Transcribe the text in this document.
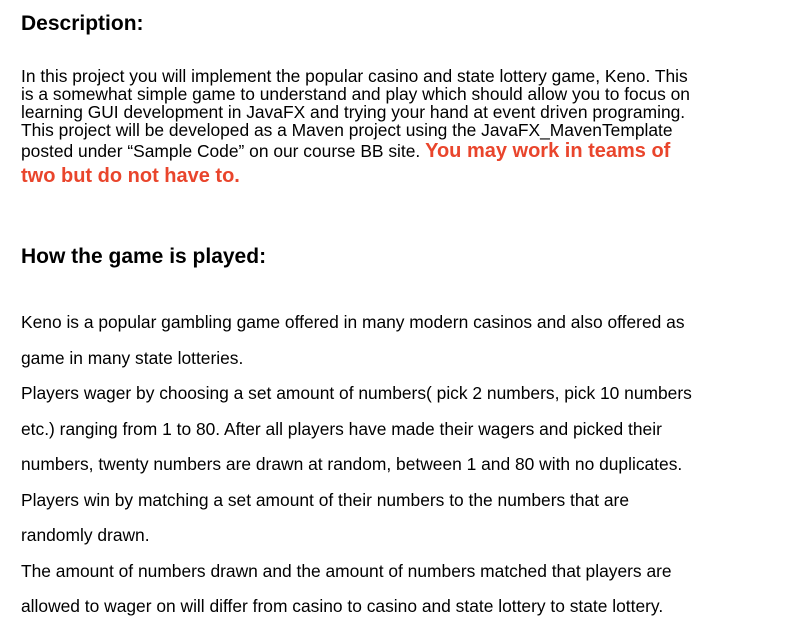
Description:
In this project you will implement the popular casino and state lottery game, Keno. This
is a somewhat simple game to understand and play which should allow you to focus on
learning GUI development in JavaFX and trying your hand at event driven programing.
This project will be developed as a Maven project using the JavaFX_MavenTemplate
posted under “Sample Code” on our course BB site. You may work in teams of
two but do not have to.
How the game is played:
Keno is a popular gambling game offered in many modern casinos and also offered as
game in many state lotteries.
Players wager by choosing a set amount of numbers( pick 2 numbers, pick 10 numbers
etc.) ranging from 1 to 80. After all players have made their wagers and picked their
numbers, twenty numbers are drawn at random, between 1 and 80 with no duplicates.
Players win by matching a set amount of their numbers to the numbers that are
randomly drawn.
The amount of numbers drawn and the amount of numbers matched that players are
allowed to wager on will differ from casino to casino and state lottery to state lottery.
